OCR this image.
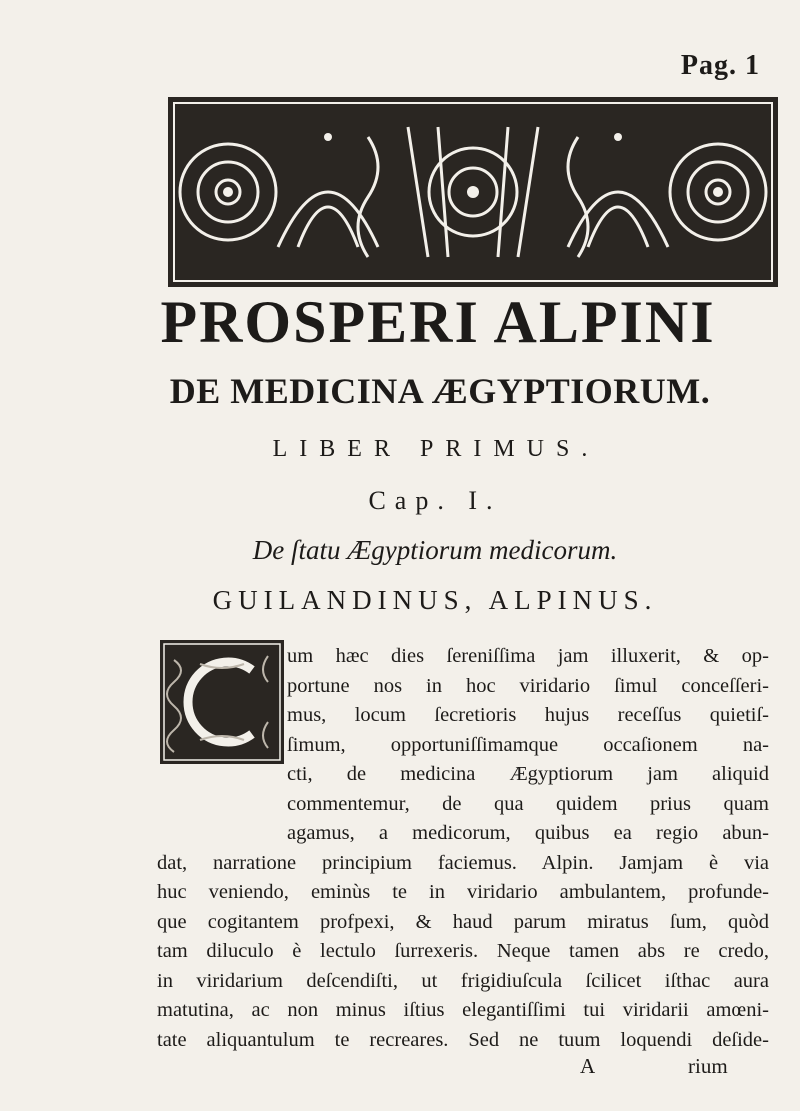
Pag. 1
PROSPERI ALPINI
DE MEDICINA ÆGYPTIORUM.
LIBER PRIMUS.
Cap. I.
De ſtatu Ægyptiorum medicorum.
GUILANDINUS, ALPINUS.
um hæc dies ſereniſſima jam illuxerit, & op-
portune nos in hoc viridario ſimul conceſſeri-
mus, locum ſecretioris hujus receſſus quietiſ-
ſimum, opportuniſſimamque occaſionem na-
cti, de medicina Ægyptiorum jam aliquid
commentemur, de qua quidem prius quam
agamus, a medicorum, quibus ea regio abun-
dat, narratione principium faciemus. Alpin. Jamjam è via
huc veniendo, eminùs te in viridario ambulantem, profunde-
que cogitantem profpexi, & haud parum miratus ſum, quòd
tam diluculo è lectulo ſurrexeris. Neque tamen abs re credo,
in viridarium deſcendiſti, ut frigidiuſcula ſcilicet iſthac aura
matutina, ac non minus iſtius elegantiſſimi tui viridarii amœni-
tate aliquantulum te recreares. Sed ne tuum loquendi deſide-
A	rium
